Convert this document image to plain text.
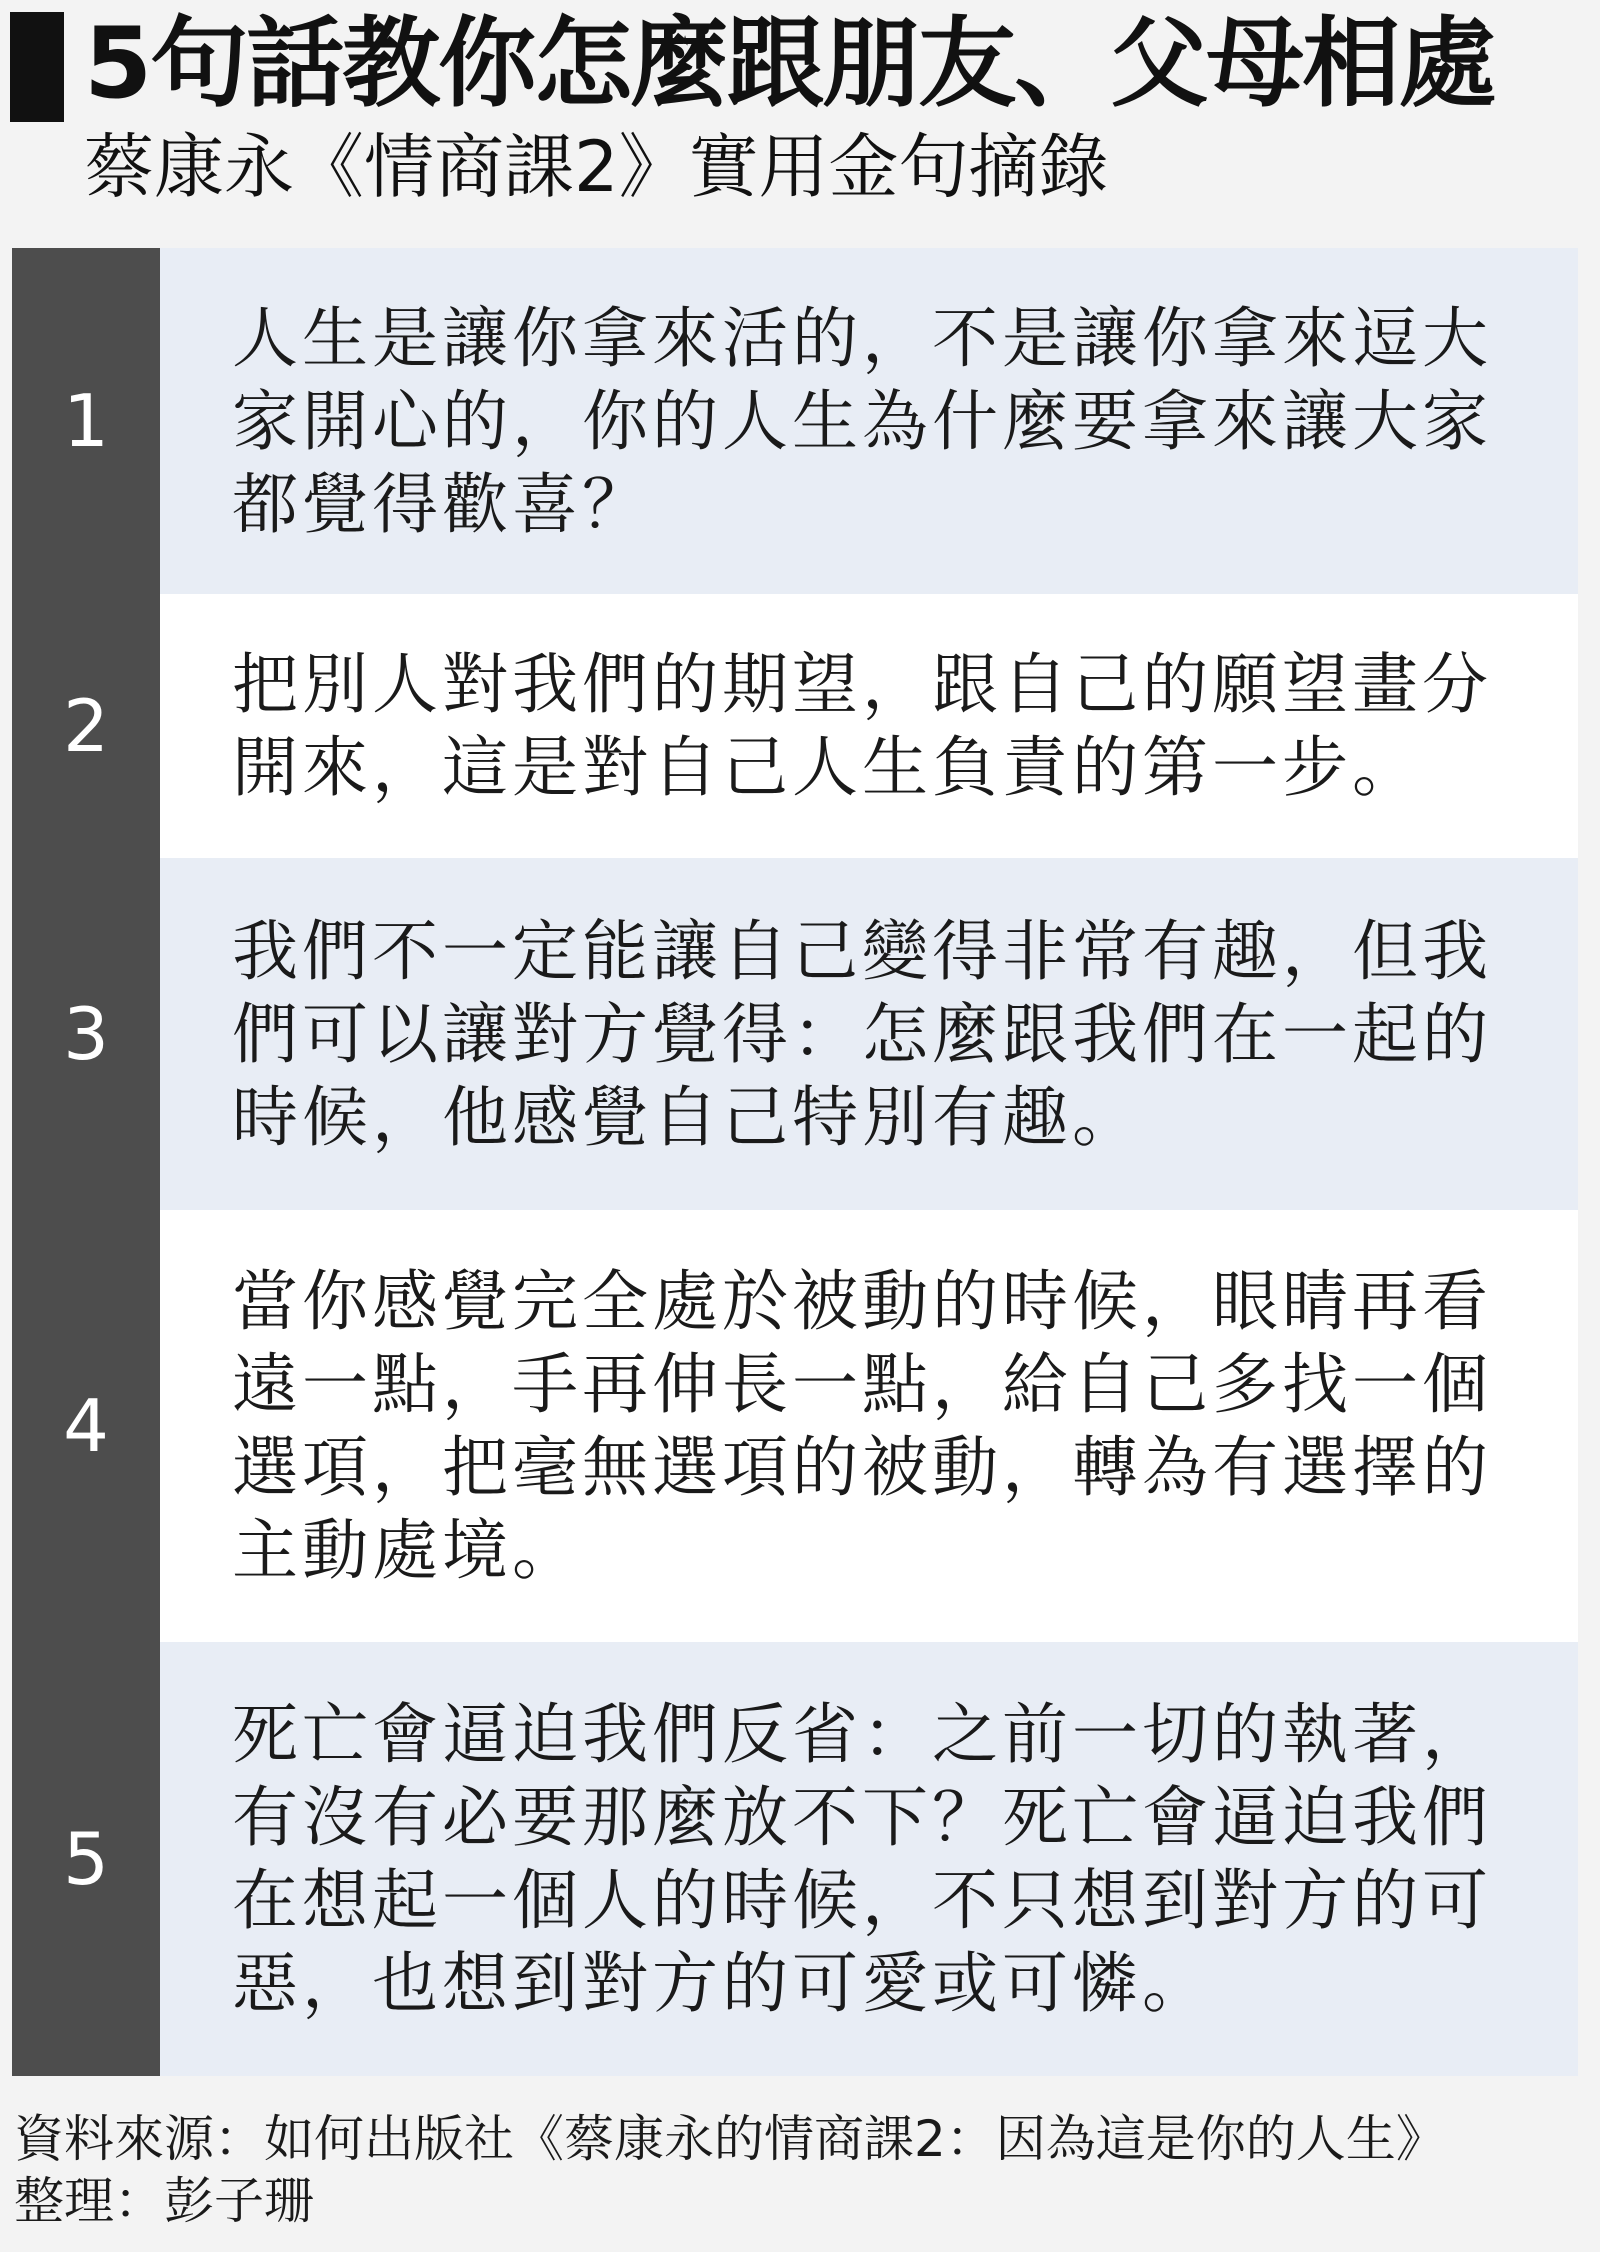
5句話教你怎麼跟朋友、父母相處
蔡康永《情商課2》實用金句摘錄
1
人生是讓你拿來活的，不是讓你拿來逗大家開心的，你的人生為什麼要拿來讓大家都覺得歡喜？
2	把別人對我們的期望，跟自己的願望畫分開來，這是對自己人生負責的第一步。
3
我們不一定能讓自己變得非常有趣，但我們可以讓對方覺得：怎麼跟我們在一起的時候，他感覺自己特別有趣。
4
當你感覺完全處於被動的時候，眼睛再看遠一點，手再伸長一點，給自己多找一個選項，把毫無選項的被動，轉為有選擇的主動處境。
5
死亡會逼迫我們反省：之前一切的執著，有沒有必要那麼放不下？死亡會逼迫我們在想起一個人的時候，不只想到對方的可惡，也想到對方的可愛或可憐。
資料來源：如何出版社《蔡康永的情商課2：因為這是你的人生》
整理：彭子珊
